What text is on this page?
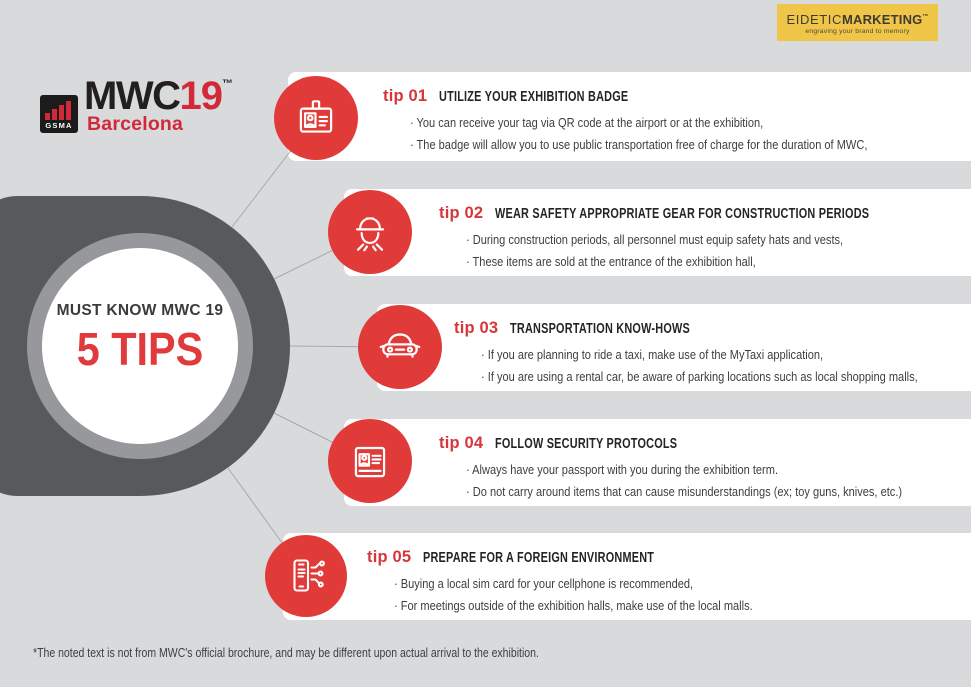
tip 01 UTILIZE YOUR EXHIBITION BADGE
· You can receive your tag via QR code at the airport or at the exhibition,
· The badge will allow you to use public transportation free of charge for the duration of MWC,
tip 02 WEAR SAFETY APPROPRIATE GEAR FOR CONSTRUCTION PERIODS
· During construction periods, all personnel must equip safety hats and vests,
· These items are sold at the entrance of the exhibition hall,
tip 03 TRANSPORTATION KNOW-HOWS
· If you are planning to ride a taxi, make use of the MyTaxi application,
· If you are using a rental car, be aware of parking locations such as local shopping malls,
tip 04 FOLLOW SECURITY PROTOCOLS
· Always have your passport with you during the exhibition term.
· Do not carry around items that can cause misunderstandings (ex; toy guns, knives, etc.)
tip 05 PREPARE FOR A FOREIGN ENVIRONMENT
· Buying a local sim card for your cellphone is recommended,
· For meetings outside of the exhibition halls, make use of the local malls.
MUST KNOW MWC 19
5 TIPS
GSMA
MWC19™
Barcelona
EIDETICMARKETING™
engraving your brand to memory
*The noted text is not from MWC's official brochure, and may be different upon actual arrival to the exhibition.
